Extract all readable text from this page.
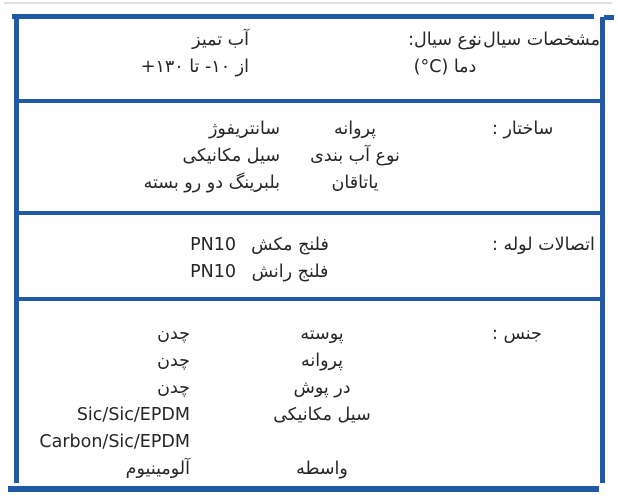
مشخصات سیال :
آب تمیز	نوع سیال:
از ۱۰- تا ۱۳۰+	دما (‎°C‎)
ساختار :
سانتریفوژ	پروانه
سیل مکانیکی	نوع آب بندی
بلبرینگ دو رو بسته	یاتاقان
اتصالات لوله :
PN10 فلنج مکش
PN10 فلنج رانش
جنس :
چدن	پوسته
چدن	پروانه
چدن	در پوش
Sic/Sic/EPDM	سیل مکانیکی
Carbon/Sic/EPDM
آلومینیوم	واسطه
